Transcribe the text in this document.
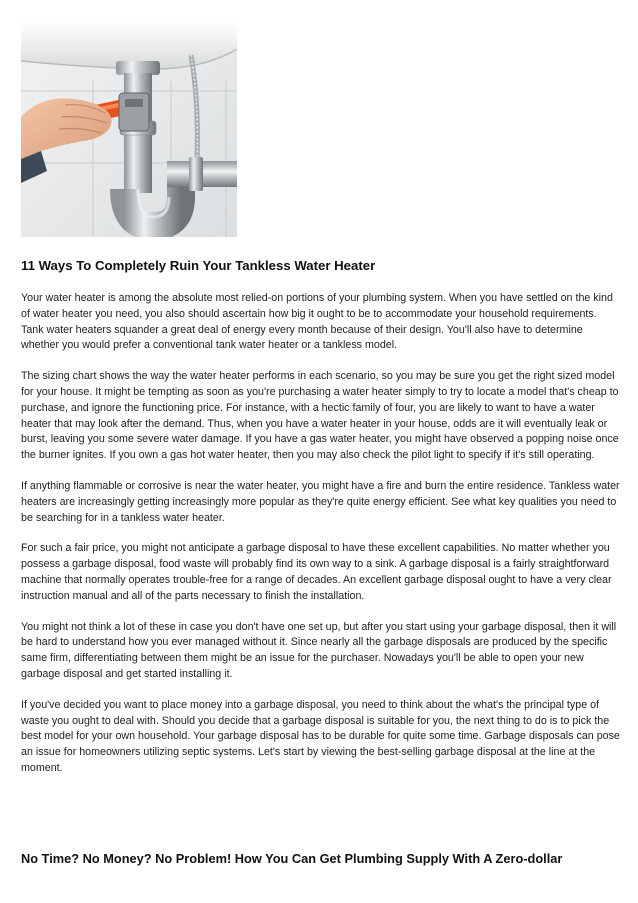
11 Ways To Completely Ruin Your Tankless Water Heater

Your water heater is among the absolute most relied-on portions of your plumbing system. When you have settled on the kind of water heater you need, you also should ascertain how big it ought to be to accommodate your household requirements. Tank water heaters squander a great deal of energy every month because of their design. You'll also have to determine whether you would prefer a conventional tank water heater or a tankless model.

The sizing chart shows the way the water heater performs in each scenario, so you may be sure you get the right sized model for your house. It might be tempting as soon as you're purchasing a water heater simply to try to locate a model that's cheap to purchase, and ignore the functioning price. For instance, with a hectic family of four, you are likely to want to have a water heater that may look after the demand. Thus, when you have a water heater in your house, odds are it will eventually leak or burst, leaving you some severe water damage. If you have a gas water heater, you might have observed a popping noise once the burner ignites. If you own a gas hot water heater, then you may also check the pilot light to specify if it's still operating.

If anything flammable or corrosive is near the water heater, you might have a fire and burn the entire residence. Tankless water heaters are increasingly getting increasingly more popular as they're quite energy efficient. See what key qualities you need to be searching for in a tankless water heater.

For such a fair price, you might not anticipate a garbage disposal to have these excellent capabilities. No matter whether you possess a garbage disposal, food waste will probably find its own way to a sink. A garbage disposal is a fairly straightforward machine that normally operates trouble-free for a range of decades. An excellent garbage disposal ought to have a very clear instruction manual and all of the parts necessary to finish the installation.

You might not think a lot of these in case you don't have one set up, but after you start using your garbage disposal, then it will be hard to understand how you ever managed without it. Since nearly all the garbage disposals are produced by the specific same firm, differentiating between them might be an issue for the purchaser. Nowadays you'll be able to open your new garbage disposal and get started installing it.

If you've decided you want to place money into a garbage disposal, you need to think about the what's the principal type of waste you ought to deal with. Should you decide that a garbage disposal is suitable for you, the next thing to do is to pick the best model for your own household. Your garbage disposal has to be durable for quite some time. Garbage disposals can pose an issue for homeowners utilizing septic systems. Let's start by viewing the best-selling garbage disposal at the line at the moment.

No Time? No Money? No Problem! How You Can Get Plumbing Supply With A Zero-dollar
